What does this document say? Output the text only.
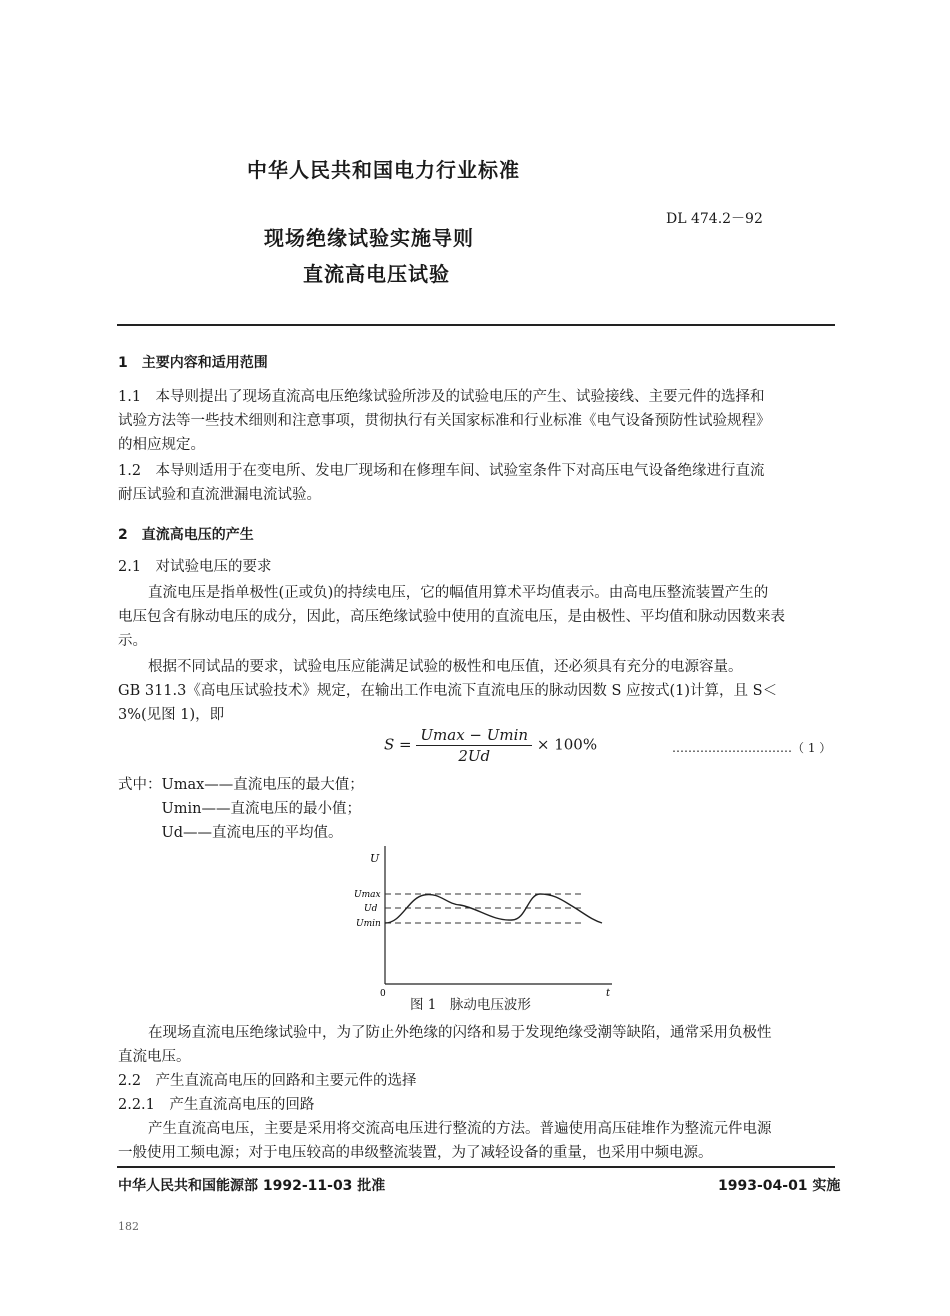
中华人民共和国电力行业标准
DL 474.2－92
现场绝缘试验实施导则
直流高电压试验
1　主要内容和适用范围
1.1　本导则提出了现场直流高电压绝缘试验所涉及的试验电压的产生、试验接线、主要元件的选择和
试验方法等一些技术细则和注意事项，贯彻执行有关国家标准和行业标准《电气设备预防性试验规程》
的相应规定。
1.2　本导则适用于在变电所、发电厂现场和在修理车间、试验室条件下对高压电气设备绝缘进行直流
耐压试验和直流泄漏电流试验。
2　直流高电压的产生
2.1　对试验电压的要求
直流电压是指单极性(正或负)的持续电压，它的幅值用算术平均值表示。由高电压整流装置产生的
电压包含有脉动电压的成分，因此，高压绝缘试验中使用的直流电压，是由极性、平均值和脉动因数来表
示。
根据不同试品的要求，试验电压应能满足试验的极性和电压值，还必须具有充分的电源容量。
GB 311.3《高电压试验技术》规定，在输出工作电流下直流电压的脉动因数 S 应按式(1)计算，且 S＜
3%(见图 1)，即
$S = \frac{Umax - Umin}{2Ud} \times 100\%$	…………………………（ 1 ）
式中：Umax——直流电压的最大值；
　　　Umin——直流电压的最小值；
　　　Ud——直流电压的平均值。
U
t
0
Umax
Ud
Umin
图 1　脉动电压波形
在现场直流电压绝缘试验中，为了防止外绝缘的闪络和易于发现绝缘受潮等缺陷，通常采用负极性
直流电压。
2.2　产生直流高电压的回路和主要元件的选择
2.2.1　产生直流高电压的回路
产生直流高电压，主要是采用将交流高电压进行整流的方法。普遍使用高压硅堆作为整流元件电源
一般使用工频电源；对于电压较高的串级整流装置，为了减轻设备的重量，也采用中频电源。
中华人民共和国能源部 1992-11-03 批准	1993-04-01 实施
182
